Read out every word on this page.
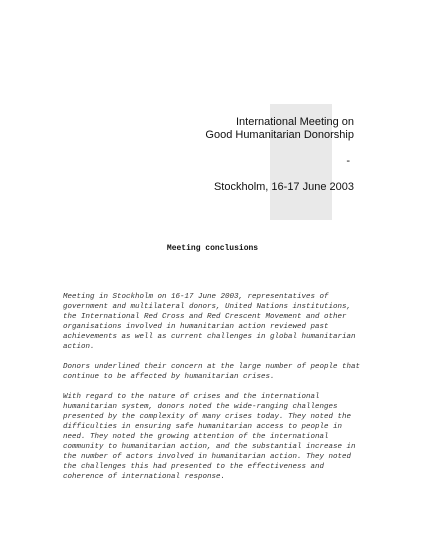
International Meeting on
Good Humanitarian Donorship
-
Stockholm, 16-17 June 2003
Meeting conclusions

Meeting in Stockholm on 16-17 June 2003, representatives of government and multilateral donors, United Nations institutions, the International Red Cross and Red Crescent Movement and other organisations involved in humanitarian action reviewed past achievements as well as current challenges in global humanitarian action.

Donors underlined their concern at the large number of people that continue to be affected by humanitarian crises.

With regard to the nature of crises and the international humanitarian system, donors noted the wide-ranging challenges presented by the complexity of many crises today. They noted the difficulties in ensuring safe humanitarian access to people in need. They noted the growing attention of the international community to humanitarian action, and the substantial increase in the number of actors involved in humanitarian action. They noted the challenges this had presented to the effectiveness and coherence of international response.
